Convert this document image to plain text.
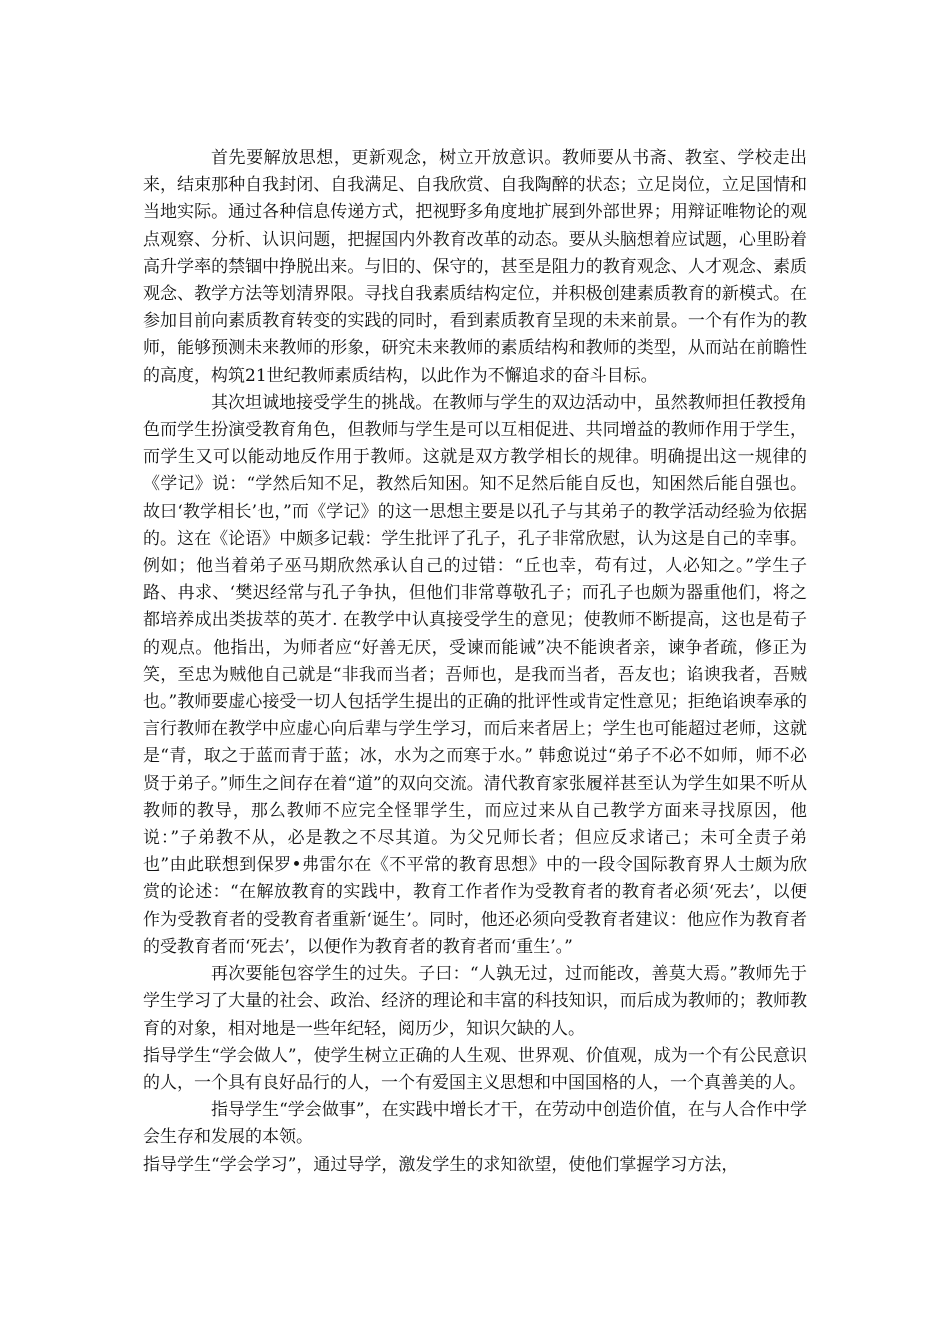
首先要解放思想，更新观念，树立开放意识。教师要从书斋、教室、学校走出来，结束那种自我封闭、自我满足、自我欣赏、自我陶醉的状态；立足岗位，立足国情和当地实际。通过各种信息传递方式，把视野多角度地扩展到外部世界；用辩证唯物论的观点观察、分析、认识问题，把握国内外教育改革的动态。要从头脑想着应试题，心里盼着高升学率的禁锢中挣脱出来。与旧的、保守的，甚至是阻力的教育观念、人才观念、素质观念、教学方法等划清界限。寻找自我素质结构定位，并积极创建素质教育的新模式。在参加目前向素质教育转变的实践的同时，看到素质教育呈现的未来前景。一个有作为的教师，能够预测未来教师的形象，研究未来教师的素质结构和教师的类型，从而站在前瞻性的高度，构筑21世纪教师素质结构，以此作为不懈追求的奋斗目标。

其次坦诚地接受学生的挑战。在教师与学生的双边活动中，虽然教师担任教授角色而学生扮演受教育角色，但教师与学生是可以互相促进、共同增益的教师作用于学生，而学生又可以能动地反作用于教师。这就是双方教学相长的规律。明确提出这一规律的《学记》说：“学然后知不足，教然后知困。知不足然后能自反也，知困然后能自强也。故曰‘教学相长’也，”而《学记》的这一思想主要是以孔子与其弟子的教学活动经验为依据的。这在《论语》中颇多记载：学生批评了孔子，孔子非常欣慰，认为这是自己的幸事。例如；他当着弟子巫马期欣然承认自己的过错：“丘也幸，苟有过，人必知之。”学生子路、冉求、‘樊迟经常与孔子争执，但他们非常尊敬孔子；而孔子也颇为器重他们，将之都培养成出类拔萃的英才. 在教学中认真接受学生的意见；使教师不断提高，这也是荀子的观点。他指出，为师者应“好善无厌，受谏而能诫”决不能谀者亲，谏争者疏，修正为笑，至忠为贼他自己就是“非我而当者；吾师也，是我而当者，吾友也；谄谀我者，吾贼也。”教师要虚心接受一切人包括学生提出的正确的批评性或肯定性意见；拒绝谄谀奉承的言行教师在教学中应虚心向后辈与学生学习，而后来者居上；学生也可能超过老师，这就是“青，取之于蓝而青于蓝；冰，水为之而寒于水。” 韩愈说过“弟子不必不如师，师不必贤于弟子。”师生之间存在着“道”的双向交流。清代教育家张履祥甚至认为学生如果不听从教师的教导，那么教师不应完全怪罪学生，而应过来从自己教学方面来寻找原因，他说：”子弟教不从，必是教之不尽其道。为父兄师长者；但应反求诸己；未可全责子弟也”由此联想到保罗•弗雷尔在《不平常的教育思想》中的一段令国际教育界人士颇为欣赏的论述：“在解放教育的实践中，教育工作者作为受教育者的教育者必须‘死去’，以便作为受教育者的受教育者重新‘诞生’。同时，他还必须向受教育者建议：他应作为教育者的受教育者而‘死去’，以便作为教育者的教育者而‘重生’。”

再次要能包容学生的过失。子曰：“人孰无过，过而能改，善莫大焉。”教师先于学生学习了大量的社会、政治、经济的理论和丰富的科技知识，而后成为教师的；教师教育的对象，相对地是一些年纪轻，阅历少，知识欠缺的人。

指导学生“学会做人”，使学生树立正确的人生观、世界观、价值观，成为一个有公民意识的人，一个具有良好品行的人，一个有爱国主义思想和中国国格的人，一个真善美的人。

指导学生“学会做事”，在实践中增长才干，在劳动中创造价值，在与人合作中学会生存和发展的本领。

指导学生“学会学习”，通过导学，激发学生的求知欲望，使他们掌握学习方法，
